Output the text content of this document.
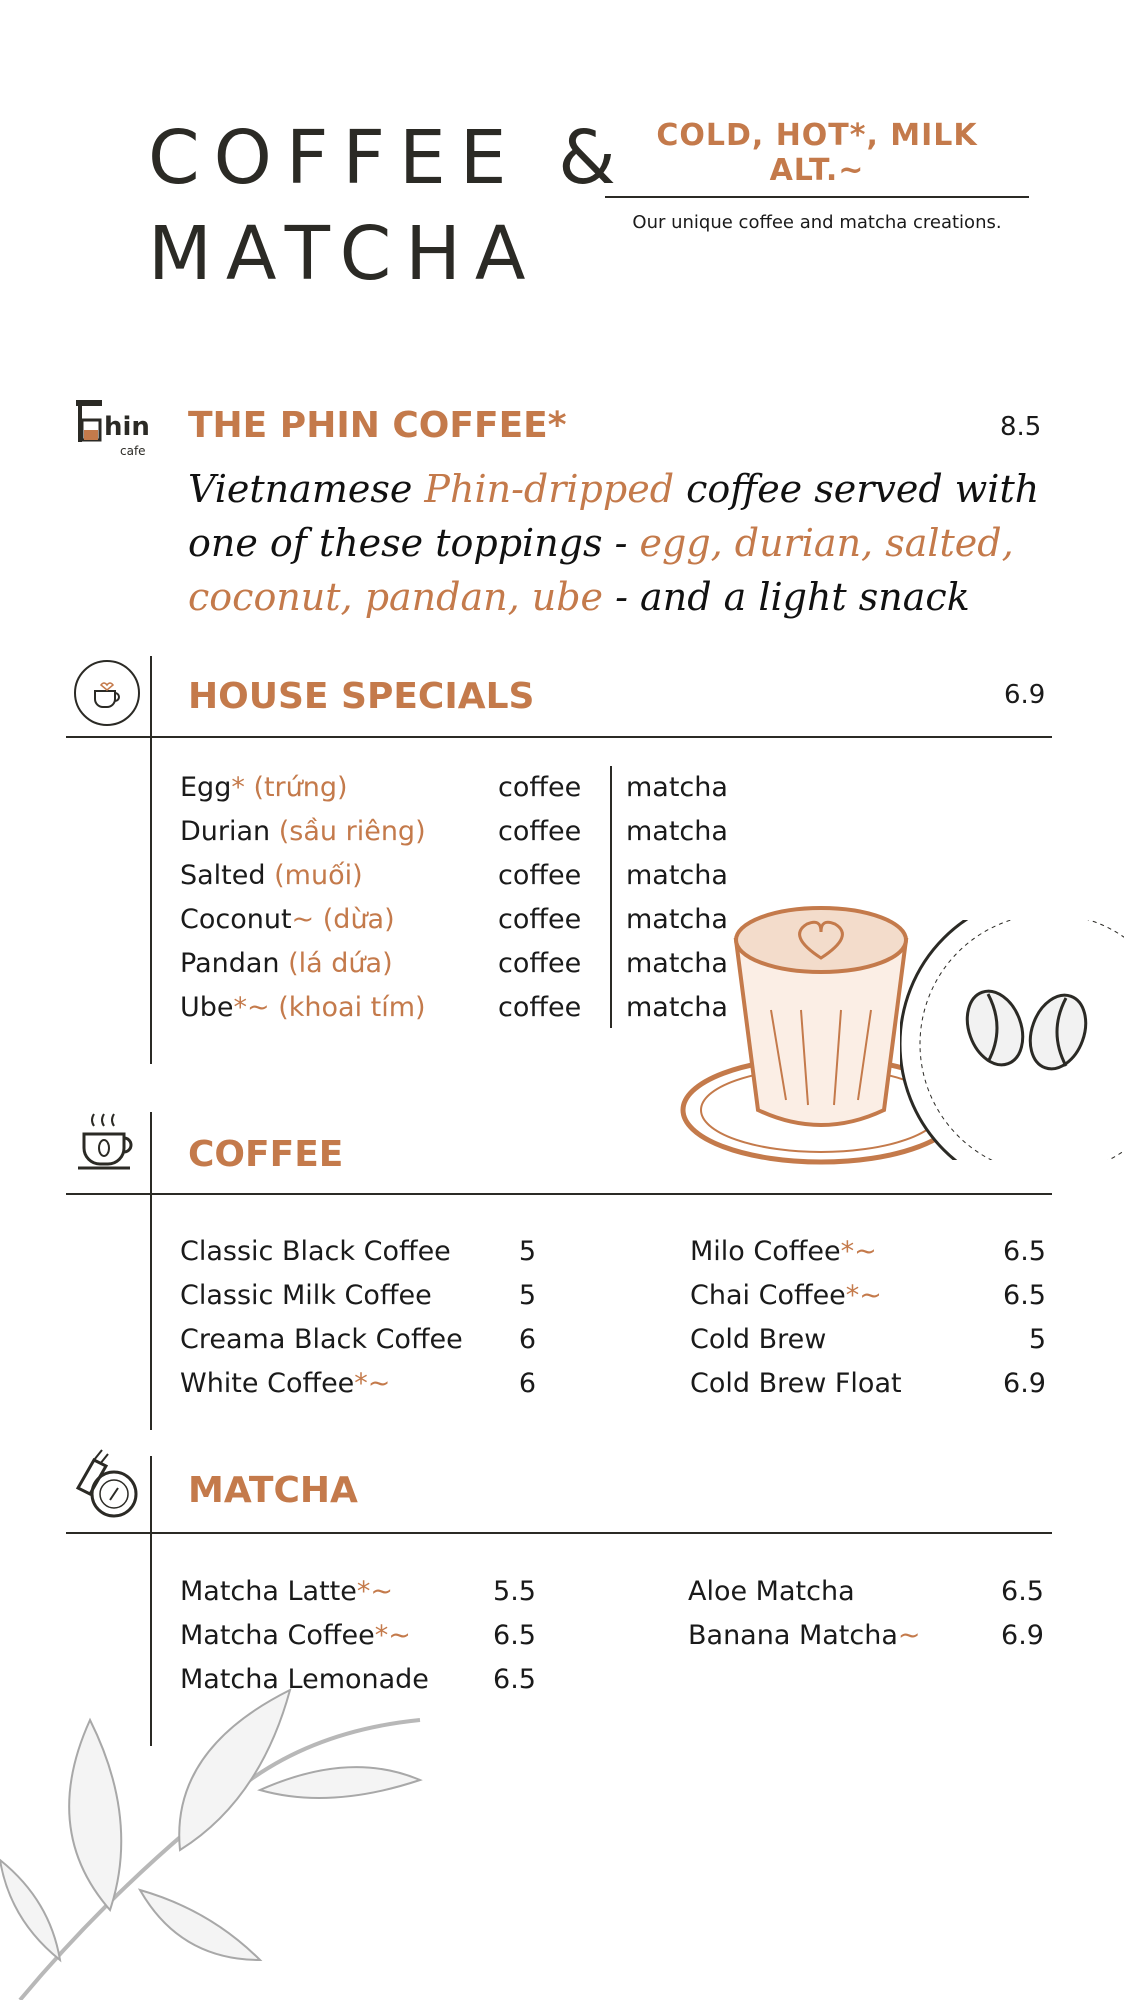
COFFEE &
MATCHA
COLD, HOT*, MILK ALT.~
Our unique coffee and matcha creations.
hin
cafe
THE PHIN COFFEE*	8.5
Vietnamese Phin-dripped coffee served with one of these toppings - egg, durian, salted, coconut, pandan, ube - and a light snack
HOUSE SPECIALS	6.9
Egg* (trứng)	coffee	matcha
Durian (sầu riêng)	coffee	matcha
Salted (muối)	coffee	matcha
Coconut~ (dừa)	coffee	matcha
Pandan (lá dứa)	coffee	matcha
Ube*~ (khoai tím)	coffee	matcha
COFFEE
Classic Black Coffee	5
Classic Milk Coffee	5
Creama Black Coffee	6
White Coffee*~	6
Milo Coffee*~	6.5
Chai Coffee*~	6.5
Cold Brew	5
Cold Brew Float	6.9
MATCHA
Matcha Latte*~	5.5
Matcha Coffee*~	6.5
Matcha Lemonade	6.5
Aloe Matcha	6.5
Banana Matcha~	6.9
